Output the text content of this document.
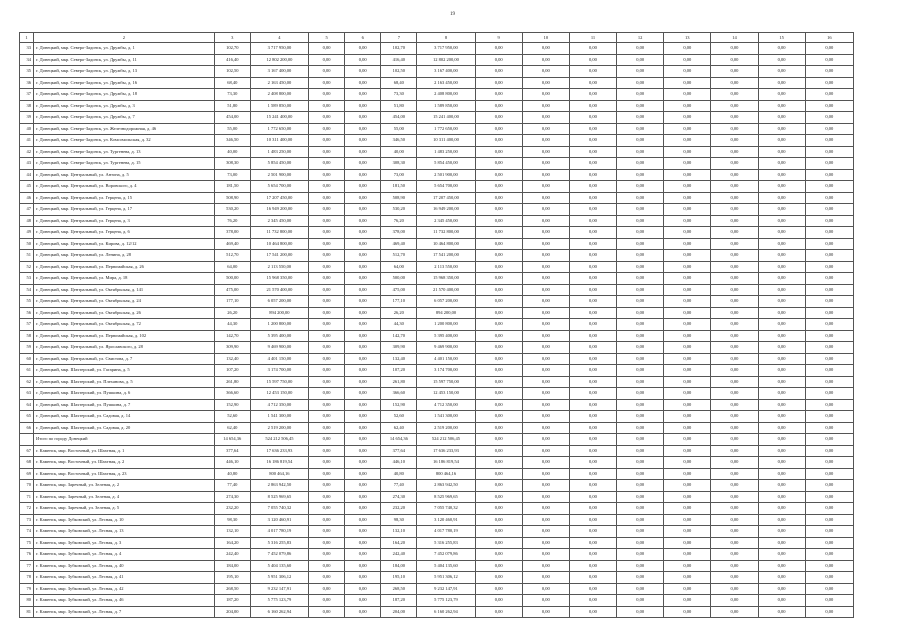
19
1	2	3	4	5	6	7	8	9	10	11	12	13	14	15	16
33	г. Донецкий, мкр. Северо-Задонск, ул. Дружбы, д. 1	102,70	3 717 950,00	0,00	0,00	102,70	3 717 950,00	0,00	0,00	0,00	0,00	0,00	0,00	0,00	0,00
34	г. Донецкий, мкр. Северо-Задонск, ул. Дружбы, д. 11	416,40	12 802 200,00	0,00	0,00	416,40	12 802 200,00	0,00	0,00	0,00	0,00	0,00	0,00	0,00	0,00
35	г. Донецкий, мкр. Северо-Задонск, ул. Дружбы, д. 13	102,50	3 167 400,00	0,00	0,00	102,50	3 167 400,00	0,00	0,00	0,00	0,00	0,00	0,00	0,00	0,00
36	г. Донецкий, мкр. Северо-Задонск, ул. Дружбы, д. 16	68,40	2 163 450,00	0,00	0,00	68,40	2 163 450,00	0,00	0,00	0,00	0,00	0,00	0,00	0,00	0,00
37	г. Донецкий, мкр. Северо-Задонск, ул. Дружбы, д. 18	73,30	2 408 800,00	0,00	0,00	73,30	2 408 800,00	0,00	0,00	0,00	0,00	0,00	0,00	0,00	0,00
38	г. Донецкий, мкр. Северо-Задонск, ул. Дружбы, д. 3	51,80	1 589 850,00	0,00	0,00	51,80	1 589 850,00	0,00	0,00	0,00	0,00	0,00	0,00	0,00	0,00
39	г. Донецкий, мкр. Северо-Задонск, ул. Дружбы, д. 7	454,00	15 241 400,00	0,00	0,00	454,00	15 241 400,00	0,00	0,00	0,00	0,00	0,00	0,00	0,00	0,00
40	г. Донецкий, мкр. Северо-Задонск, ул. Железнодорожная, д. 46	55,00	1 772 650,00	0,00	0,00	55,00	1 772 650,00	0,00	0,00	0,00	0,00	0,00	0,00	0,00	0,00
41	г. Донецкий, мкр. Северо-Задонск, ул. Комсомольская, д. 32	346,50	10 311 400,00	0,00	0,00	346,50	10 311 400,00	0,00	0,00	0,00	0,00	0,00	0,00	0,00	0,00
42	г. Донецкий, мкр. Северо-Задонск, ул. Тургенева, д. 13	40,00	1 483 250,00	0,00	0,00	40,00	1 483 250,00	0,00	0,00	0,00	0,00	0,00	0,00	0,00	0,00
43	г. Донецкий, мкр. Северо-Задонск, ул. Тургенева, д. 15	308,30	5 854 450,00	0,00	0,00	308,30	5 854 450,00	0,00	0,00	0,00	0,00	0,00	0,00	0,00	0,00
44	г. Донецкий, мкр. Центральный, ул. Антона, д. 5	73,00	2 501 900,00	0,00	0,00	73,00	2 501 900,00	0,00	0,00	0,00	0,00	0,00	0,00	0,00	0,00
45	г. Донецкий, мкр. Центральный, ул. Воровского, д. 4	181,50	5 654 700,00	0,00	0,00	181,50	5 654 700,00	0,00	0,00	0,00	0,00	0,00	0,00	0,00	0,00
46	г. Донецкий, мкр. Центральный, ул. Герцена, д. 15	508,90	17 207 450,00	0,00	0,00	508,90	17 207 450,00	0,00	0,00	0,00	0,00	0,00	0,00	0,00	0,00
47	г. Донецкий, мкр. Центральный, ул. Герцена, д. 17	530,20	16 949 200,00	0,00	0,00	530,20	16 949 200,00	0,00	0,00	0,00	0,00	0,00	0,00	0,00	0,00
48	г. Донецкий, мкр. Центральный, ул. Герцена, д. 3	76,20	2 345 450,00	0,00	0,00	76,20	2 345 450,00	0,00	0,00	0,00	0,00	0,00	0,00	0,00	0,00
49	г. Донецкий, мкр. Центральный, ул. Герцена, д. 6	378,00	11 732 800,00	0,00	0,00	378,00	11 732 800,00	0,00	0,00	0,00	0,00	0,00	0,00	0,00	0,00
50	г. Донецкий, мкр. Центральный, ул. Кирова, д. 12/12	469,40	10 464 800,00	0,00	0,00	469,40	10 464 800,00	0,00	0,00	0,00	0,00	0,00	0,00	0,00	0,00
51	г. Донецкий, мкр. Центральный, ул. Ленина, д. 28	512,70	17 541 200,00	0,00	0,00	512,70	17 541 200,00	0,00	0,00	0,00	0,00	0,00	0,00	0,00	0,00
52	г. Донецкий, мкр. Центральный, ул. Первомайская, д. 26	64,00	2 113 550,00	0,00	0,00	64,00	2 113 550,00	0,00	0,00	0,00	0,00	0,00	0,00	0,00	0,00
53	г. Донецкий, мкр. Центральный, ул. Мира, д. 18	500,00	15 968 350,00	0,00	0,00	500,00	15 968 350,00	0,00	0,00	0,00	0,00	0,00	0,00	0,00	0,00
54	г. Донецкий, мкр. Центральный, ул. Октябрьская, д. 141	475,00	21 570 400,00	0,00	0,00	475,00	21 570 400,00	0,00	0,00	0,00	0,00	0,00	0,00	0,00	0,00
55	г. Донецкий, мкр. Центральный, ул. Октябрьская, д. 24	177,10	6 057 200,00	0,00	0,00	177,10	6 057 200,00	0,00	0,00	0,00	0,00	0,00	0,00	0,00	0,00
56	г. Донецкий, мкр. Центральный, ул. Октябрьская, д. 26	26,20	894 200,00	0,00	0,00	26,20	894 200,00	0,00	0,00	0,00	0,00	0,00	0,00	0,00	0,00
57	г. Донецкий, мкр. Центральный, ул. Октябрьская, д. 72	44,30	1 200 800,00	0,00	0,00	44,30	1 200 800,00	0,00	0,00	0,00	0,00	0,00	0,00	0,00	0,00
58	г. Донецкий, мкр. Центральный, ул. Первомайская, д. 102	142,70	5 395 400,00	0,00	0,00	142,70	5 395 400,00	0,00	0,00	0,00	0,00	0,00	0,00	0,00	0,00
59	г. Донецкий, мкр. Центральный, ул. Ярославского, д. 28	309,90	9 469 900,00	0,00	0,00	309,90	9 469 900,00	0,00	0,00	0,00	0,00	0,00	0,00	0,00	0,00
60	г. Донецкий, мкр. Центральный, ул. Свистова, д. 7	132,40	4 401 150,00	0,00	0,00	132,40	4 401 150,00	0,00	0,00	0,00	0,00	0,00	0,00	0,00	0,00
61	г. Донецкий, мкр. Шахтерский, ул. Гагарина, д. 5	107,20	3 174 700,00	0,00	0,00	107,20	3 174 700,00	0,00	0,00	0,00	0,00	0,00	0,00	0,00	0,00
62	г. Донецкий, мкр. Шахтерский, ул. Плеханова, д. 5	261,80	15 597 750,00	0,00	0,00	261,80	15 597 750,00	0,00	0,00	0,00	0,00	0,00	0,00	0,00	0,00
63	г. Донецкий, мкр. Шахтерский, ул. Пушкина, д. 6	366,60	12 453 150,00	0,00	0,00	366,60	12 453 150,00	0,00	0,00	0,00	0,00	0,00	0,00	0,00	0,00
64	г. Донецкий, мкр. Шахтерский, ул. Пушкина, д. 7	152,90	4 712 350,00	0,00	0,00	152,90	4 712 350,00	0,00	0,00	0,00	0,00	0,00	0,00	0,00	0,00
65	г. Донецкий, мкр. Шахтерский, ул. Садовая, д. 14	52,60	1 541 300,00	0,00	0,00	52,60	1 541 300,00	0,00	0,00	0,00	0,00	0,00	0,00	0,00	0,00
66	г. Донецкий, мкр. Шахтерский, ул. Садовая, д. 20	62,40	2 519 200,00	0,00	0,00	62,40	2 519 200,00	0,00	0,00	0,00	0,00	0,00	0,00	0,00	0,00
	Итого по городу Донецкий	14 654,36	524 212 506,45	0,00	0,00	14 654,36	524 212 506,45	0,00	0,00	0,00	0,00	0,00	0,00	0,00	0,00
67	г. Каменск, мкр. Восточный, ул. Шахтная, д. 1	377,64	17 636 233,93	0,00	0,00	377,64	17 636 233,93	0,00	0,00	0,00	0,00	0,00	0,00	0,00	0,00
68	г. Каменск, мкр. Восточный, ул. Шахтная, д. 2	446,10	16 186 819,54	0,00	0,00	446,10	16 186 819,54	0,00	0,00	0,00	0,00	0,00	0,00	0,00	0,00
69	г. Каменск, мкр. Восточный, ул. Шахтная, д. 23	40,80	800 464,16	0,00	0,00	40,80	800 464,16	0,00	0,00	0,00	0,00	0,00	0,00	0,00	0,00
70	г. Каменск, мкр. Заречный, ул. Зеленая, д. 2	77,40	2 863 942,50	0,00	0,00	77,40	2 863 942,50	0,00	0,00	0,00	0,00	0,00	0,00	0,00	0,00
71	г. Каменск, мкр. Заречный, ул. Зеленая, д. 4	274,30	8 525 969,65	0,00	0,00	274,30	8 525 969,65	0,00	0,00	0,00	0,00	0,00	0,00	0,00	0,00
72	г. Каменск, мкр. Заречный, ул. Зеленая, д. 5	232,20	7 055 740,32	0,00	0,00	232,20	7 055 740,32	0,00	0,00	0,00	0,00	0,00	0,00	0,00	0,00
73	г. Каменск, мкр. Зубковский, ул. Лесная, д. 10	98,30	3 120 460,91	0,00	0,00	98,30	3 120 460,91	0,00	0,00	0,00	0,00	0,00	0,00	0,00	0,00
74	г. Каменск, мкр. Зубковский, ул. Лесная, д. 13	132,10	4 017 780,19	0,00	0,00	132,10	4 017 780,19	0,00	0,00	0,00	0,00	0,00	0,00	0,00	0,00
75	г. Каменск, мкр. Зубковский, ул. Лесная, д. 3	164,20	5 316 255,83	0,00	0,00	164,20	5 316 255,83	0,00	0,00	0,00	0,00	0,00	0,00	0,00	0,00
76	г. Каменск, мкр. Зубковский, ул. Лесная, д. 4	242,40	7 452 079,86	0,00	0,00	242,40	7 452 079,86	0,00	0,00	0,00	0,00	0,00	0,00	0,00	0,00
77	г. Каменск, мкр. Зубковский, ул. Лесная, д. 40	184,00	5 404 135,60	0,00	0,00	184,00	5 404 135,60	0,00	0,00	0,00	0,00	0,00	0,00	0,00	0,00
78	г. Каменск, мкр. Зубковский, ул. Лесная, д. 41	195,10	5 951 306,12	0,00	0,00	195,10	5 951 306,12	0,00	0,00	0,00	0,00	0,00	0,00	0,00	0,00
79	г. Каменск, мкр. Зубковский, ул. Лесная, д. 42	268,50	9 232 147,91	0,00	0,00	268,50	9 232 147,91	0,00	0,00	0,00	0,00	0,00	0,00	0,00	0,00
80	г. Каменск, мкр. Зубковский, ул. Лесная, д. 46	187,20	5 775 123,79	0,00	0,00	187,20	5 775 123,79	0,00	0,00	0,00	0,00	0,00	0,00	0,00	0,00
81	г. Каменск, мкр. Зубковский, ул. Лесная, д. 7	204,00	6 160 262,94	0,00	0,00	204,00	6 160 262,94	0,00	0,00	0,00	0,00	0,00	0,00	0,00	0,00
